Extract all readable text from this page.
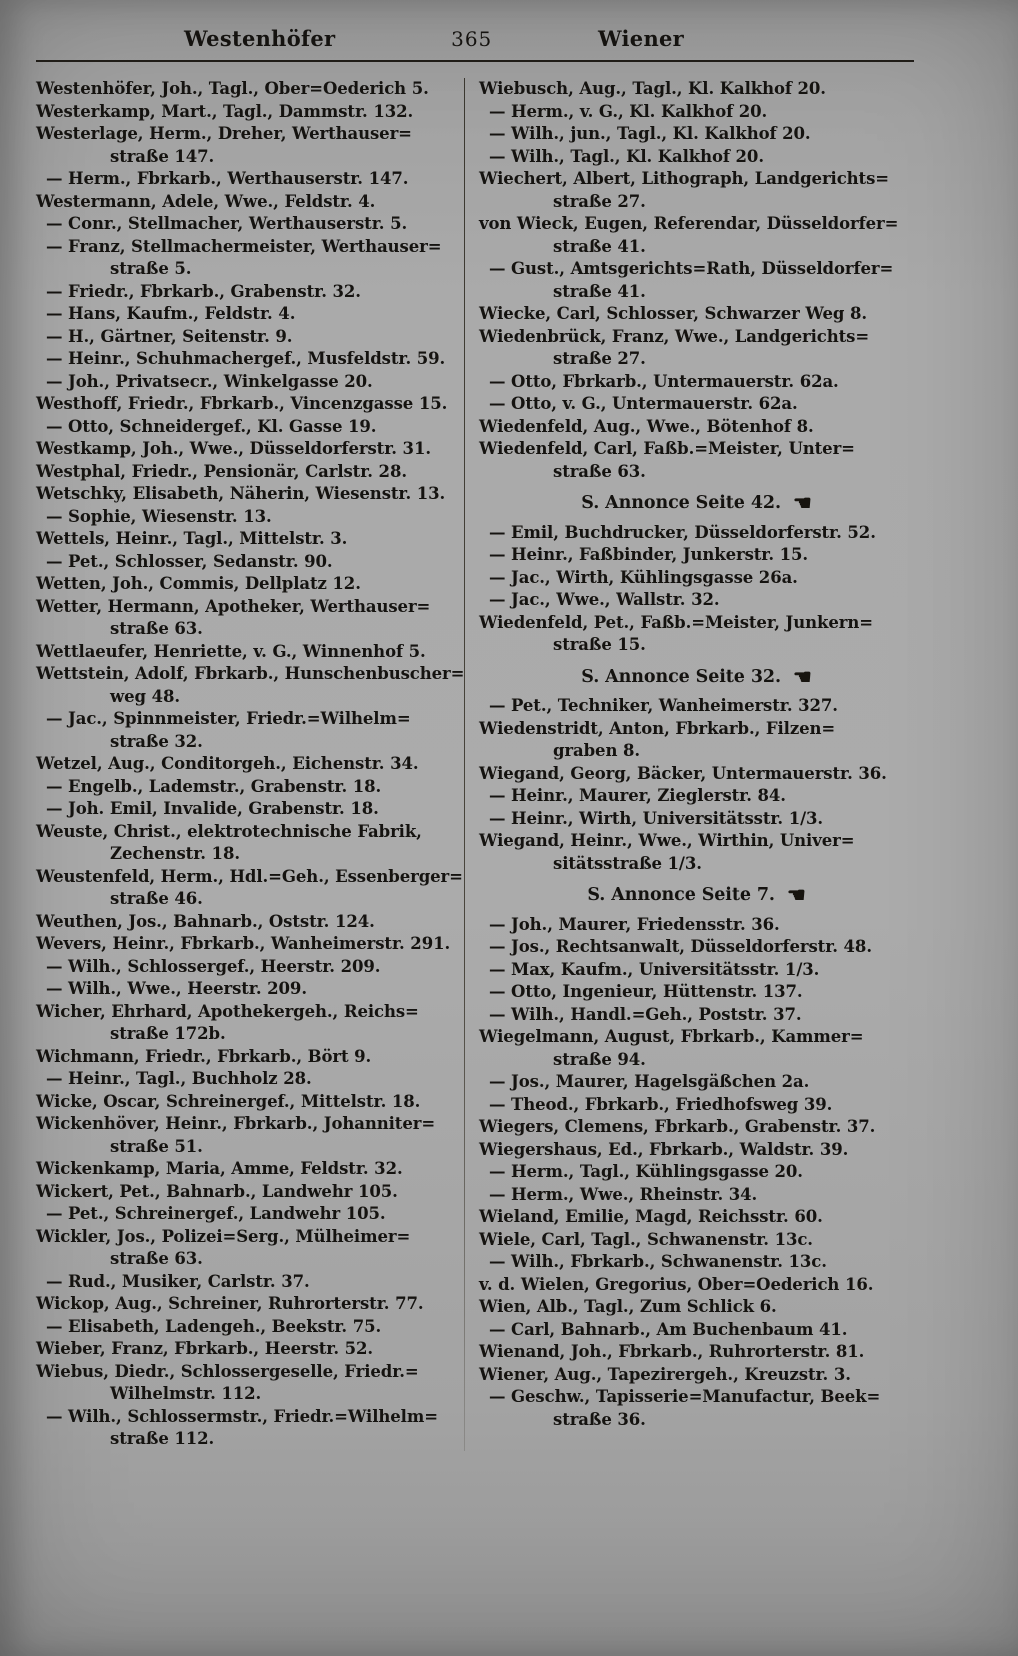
Westenhöfer	365	Wiener
Westenhöfer, Joh., Tagl., Ober=Oederich 5.
Westerkamp, Mart., Tagl., Dammstr. 132.
Westerlage, Herm., Dreher, Werthauser=
straße 147.
— Herm., Fbrkarb., Werthauserstr. 147.
Westermann, Adele, Wwe., Feldstr. 4.
— Conr., Stellmacher, Werthauserstr. 5.
— Franz, Stellmachermeister, Werthauser=
straße 5.
— Friedr., Fbrkarb., Grabenstr. 32.
— Hans, Kaufm., Feldstr. 4.
— H., Gärtner, Seitenstr. 9.
— Heinr., Schuhmachergef., Musfeldstr. 59.
— Joh., Privatsecr., Winkelgasse 20.
Westhoff, Friedr., Fbrkarb., Vincenzgasse 15.
— Otto, Schneidergef., Kl. Gasse 19.
Westkamp, Joh., Wwe., Düsseldorferstr. 31.
Westphal, Friedr., Pensionär, Carlstr. 28.
Wetschky, Elisabeth, Näherin, Wiesenstr. 13.
— Sophie, Wiesenstr. 13.
Wettels, Heinr., Tagl., Mittelstr. 3.
— Pet., Schlosser, Sedanstr. 90.
Wetten, Joh., Commis, Dellplatz 12.
Wetter, Hermann, Apotheker, Werthauser=
straße 63.
Wettlaeufer, Henriette, v. G., Winnenhof 5.
Wettstein, Adolf, Fbrkarb., Hunschenbuscher=
weg 48.
— Jac., Spinnmeister, Friedr.=Wilhelm=
straße 32.
Wetzel, Aug., Conditorgeh., Eichenstr. 34.
— Engelb., Lademstr., Grabenstr. 18.
— Joh. Emil, Invalide, Grabenstr. 18.
Weuste, Christ., elektrotechnische Fabrik,
Zechenstr. 18.
Weustenfeld, Herm., Hdl.=Geh., Essenberger=
straße 46.
Weuthen, Jos., Bahnarb., Oststr. 124.
Wevers, Heinr., Fbrkarb., Wanheimerstr. 291.
— Wilh., Schlossergef., Heerstr. 209.
— Wilh., Wwe., Heerstr. 209.
Wicher, Ehrhard, Apothekergeh., Reichs=
straße 172b.
Wichmann, Friedr., Fbrkarb., Bört 9.
— Heinr., Tagl., Buchholz 28.
Wicke, Oscar, Schreinergef., Mittelstr. 18.
Wickenhöver, Heinr., Fbrkarb., Johanniter=
straße 51.
Wickenkamp, Maria, Amme, Feldstr. 32.
Wickert, Pet., Bahnarb., Landwehr 105.
— Pet., Schreinergef., Landwehr 105.
Wickler, Jos., Polizei=Serg., Mülheimer=
straße 63.
— Rud., Musiker, Carlstr. 37.
Wickop, Aug., Schreiner, Ruhrorterstr. 77.
— Elisabeth, Ladengeh., Beekstr. 75.
Wieber, Franz, Fbrkarb., Heerstr. 52.
Wiebus, Diedr., Schlossergeselle, Friedr.=
Wilhelmstr. 112.
— Wilh., Schlossermstr., Friedr.=Wilhelm=
straße 112.
Wiebusch, Aug., Tagl., Kl. Kalkhof 20.
— Herm., v. G., Kl. Kalkhof 20.
— Wilh., jun., Tagl., Kl. Kalkhof 20.
— Wilh., Tagl., Kl. Kalkhof 20.
Wiechert, Albert, Lithograph, Landgerichts=
straße 27.
von Wieck, Eugen, Referendar, Düsseldorfer=
straße 41.
— Gust., Amtsgerichts=Rath, Düsseldorfer=
straße 41.
Wiecke, Carl, Schlosser, Schwarzer Weg 8.
Wiedenbrück, Franz, Wwe., Landgerichts=
straße 27.
— Otto, Fbrkarb., Untermauerstr. 62a.
— Otto, v. G., Untermauerstr. 62a.
Wiedenfeld, Aug., Wwe., Bötenhof 8.
Wiedenfeld, Carl, Faßb.=Meister, Unter=
straße 63.
S. Annonce Seite 42. ☚
— Emil, Buchdrucker, Düsseldorferstr. 52.
— Heinr., Faßbinder, Junkerstr. 15.
— Jac., Wirth, Kühlingsgasse 26a.
— Jac., Wwe., Wallstr. 32.
Wiedenfeld, Pet., Faßb.=Meister, Junkern=
straße 15.
S. Annonce Seite 32. ☚
— Pet., Techniker, Wanheimerstr. 327.
Wiedenstridt, Anton, Fbrkarb., Filzen=
graben 8.
Wiegand, Georg, Bäcker, Untermauerstr. 36.
— Heinr., Maurer, Zieglerstr. 84.
— Heinr., Wirth, Universitätsstr. 1/3.
Wiegand, Heinr., Wwe., Wirthin, Univer=
sitätsstraße 1/3.
S. Annonce Seite 7. ☚
— Joh., Maurer, Friedensstr. 36.
— Jos., Rechtsanwalt, Düsseldorferstr. 48.
— Max, Kaufm., Universitätsstr. 1/3.
— Otto, Ingenieur, Hüttenstr. 137.
— Wilh., Handl.=Geh., Poststr. 37.
Wiegelmann, August, Fbrkarb., Kammer=
straße 94.
— Jos., Maurer, Hagelsgäßchen 2a.
— Theod., Fbrkarb., Friedhofsweg 39.
Wiegers, Clemens, Fbrkarb., Grabenstr. 37.
Wiegershaus, Ed., Fbrkarb., Waldstr. 39.
— Herm., Tagl., Kühlingsgasse 20.
— Herm., Wwe., Rheinstr. 34.
Wieland, Emilie, Magd, Reichsstr. 60.
Wiele, Carl, Tagl., Schwanenstr. 13c.
— Wilh., Fbrkarb., Schwanenstr. 13c.
v. d. Wielen, Gregorius, Ober=Oederich 16.
Wien, Alb., Tagl., Zum Schlick 6.
— Carl, Bahnarb., Am Buchenbaum 41.
Wienand, Joh., Fbrkarb., Ruhrorterstr. 81.
Wiener, Aug., Tapezirergeh., Kreuzstr. 3.
— Geschw., Tapisserie=Manufactur, Beek=
straße 36.
